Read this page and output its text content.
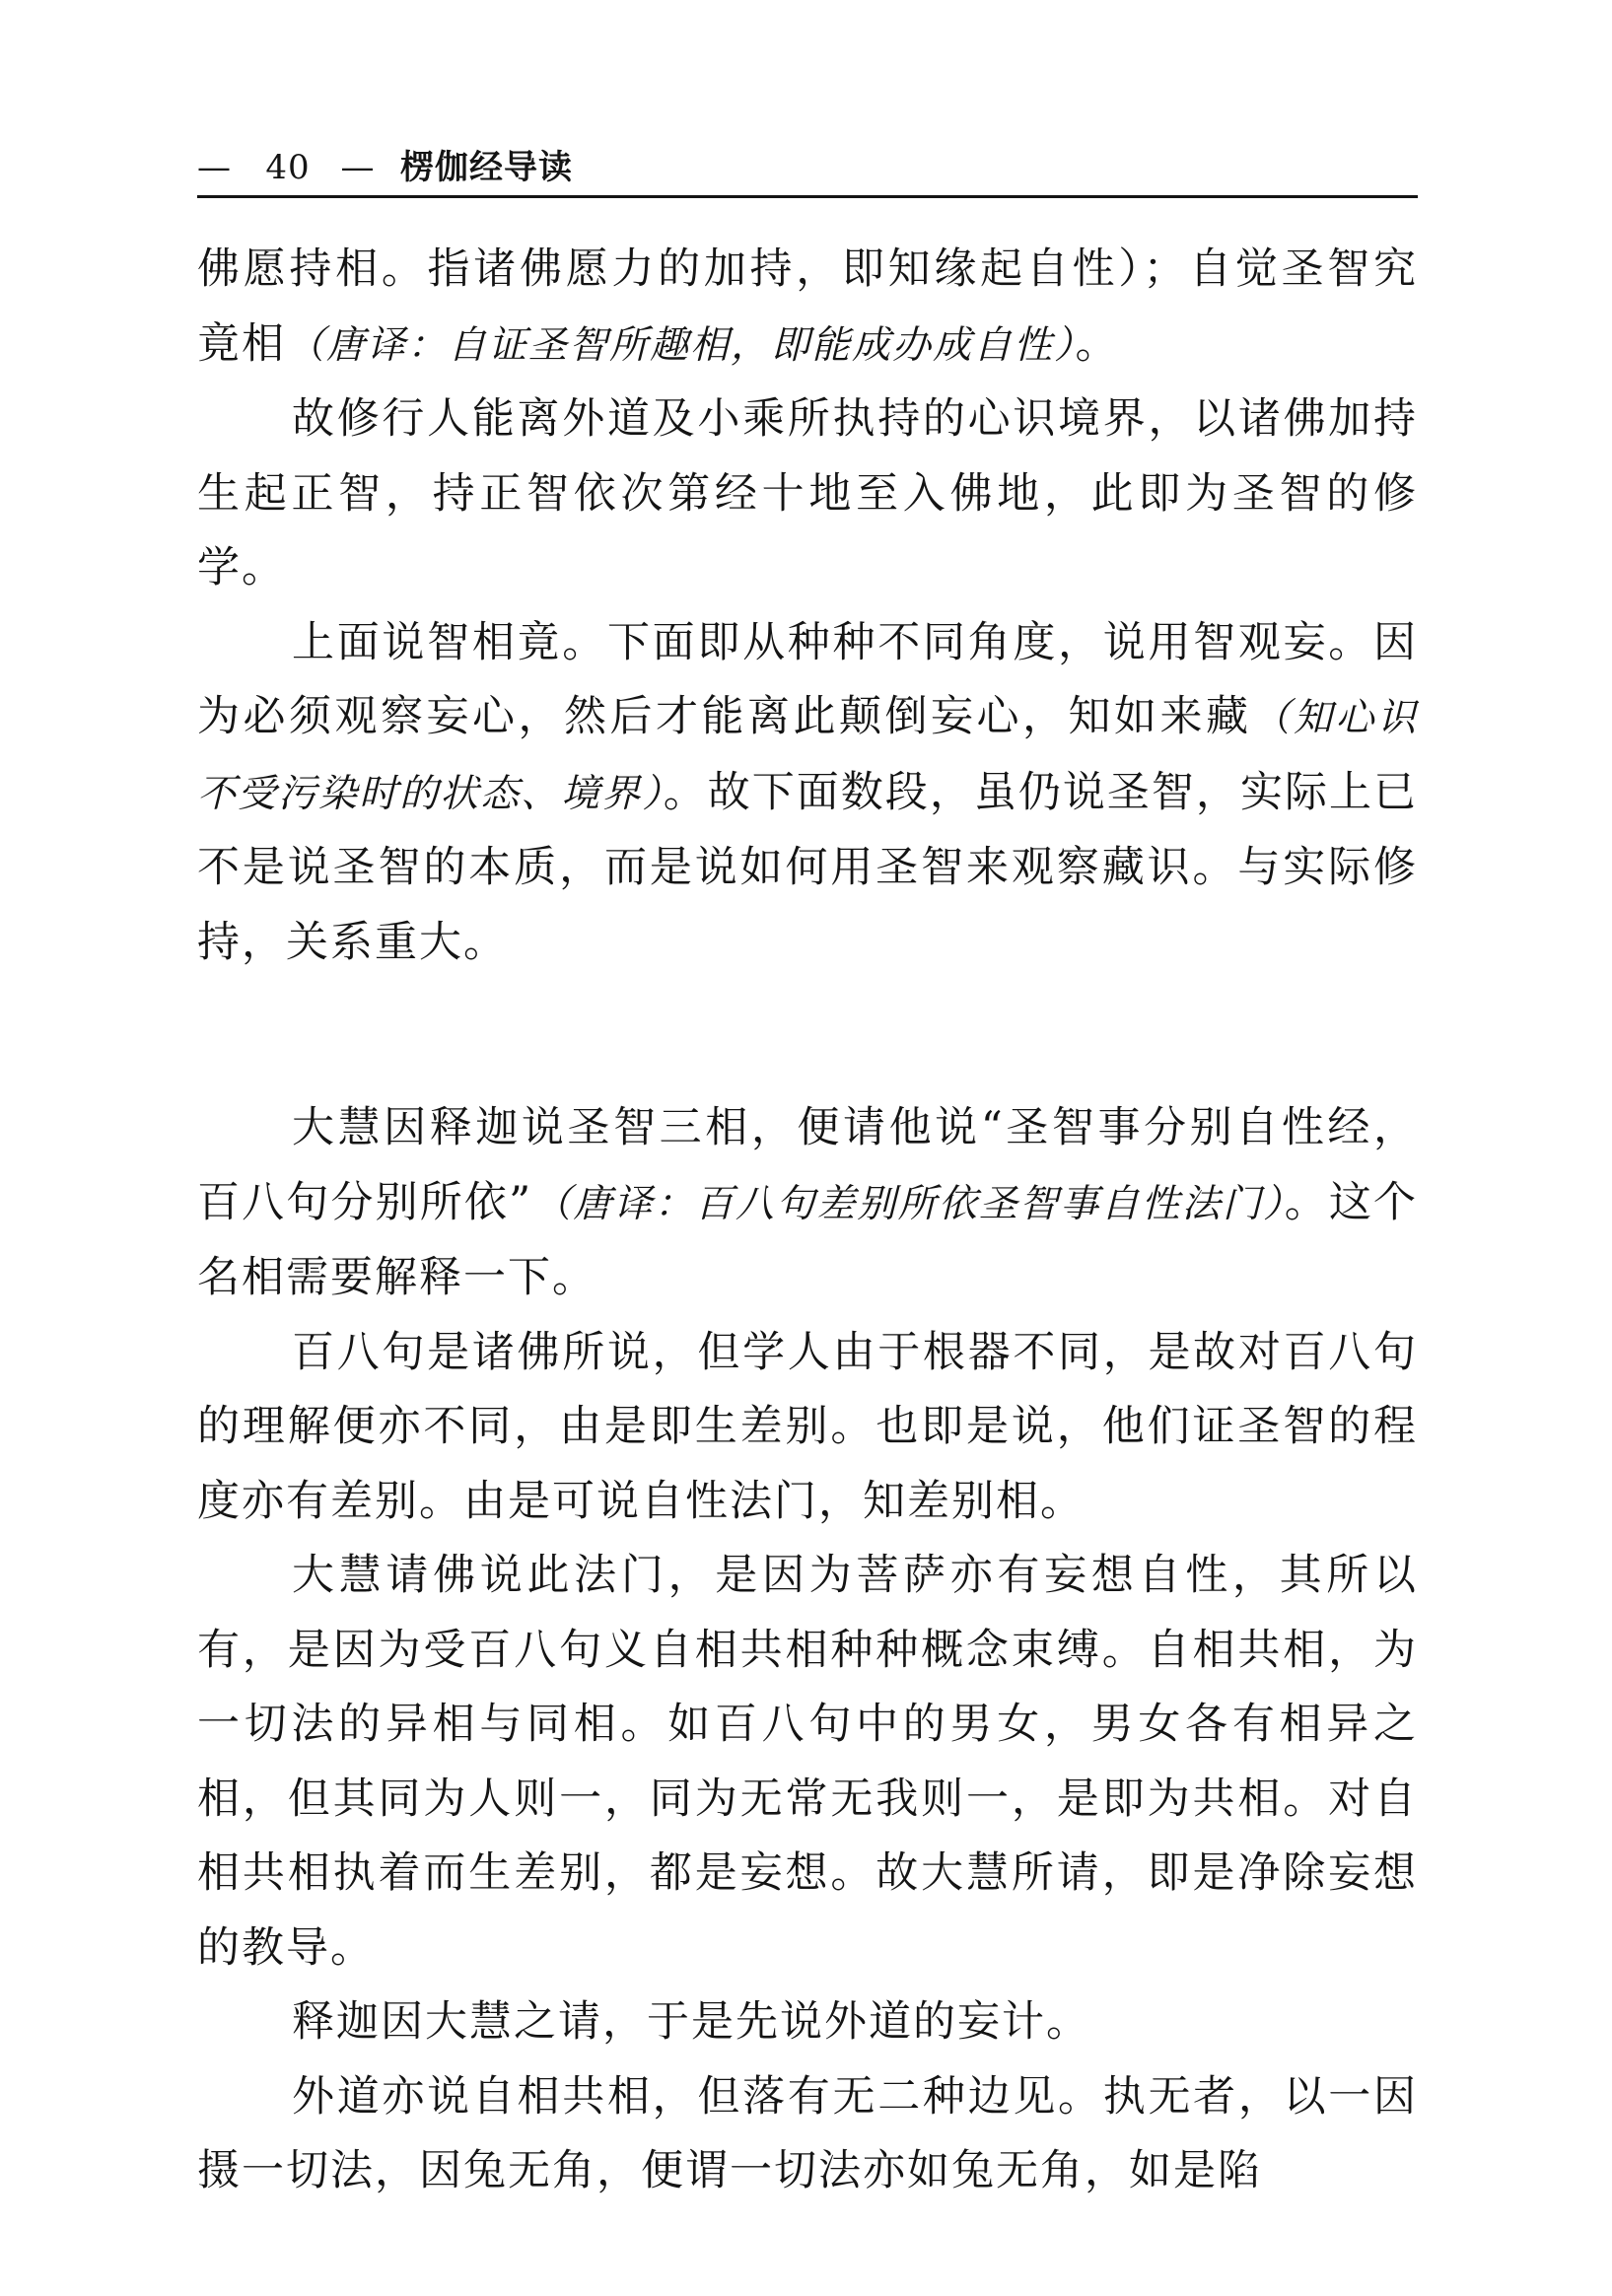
— 40 — 楞伽经导读

佛愿持相。指诸佛愿力的加持，即知缘起自性）；自觉圣智究竟相（唐译：自证圣智所趣相，即能成办成自性）。

故修行人能离外道及小乘所执持的心识境界，以诸佛加持生起正智，持正智依次第经十地至入佛地，此即为圣智的修学。

上面说智相竟。下面即从种种不同角度，说用智观妄。因为必须观察妄心，然后才能离此颠倒妄心，知如来藏（知心识不受污染时的状态、境界）。故下面数段，虽仍说圣智，实际上已不是说圣智的本质，而是说如何用圣智来观察藏识。与实际修持，关系重大。

大慧因释迦说圣智三相，便请他说“圣智事分别自性经，百八句分别所依”（唐译：百八句差别所依圣智事自性法门）。这个名相需要解释一下。

百八句是诸佛所说，但学人由于根器不同，是故对百八句的理解便亦不同，由是即生差别。也即是说，他们证圣智的程度亦有差别。由是可说自性法门，知差别相。

大慧请佛说此法门，是因为菩萨亦有妄想自性，其所以有，是因为受百八句义自相共相种种概念束缚。自相共相，为一切法的异相与同相。如百八句中的男女，男女各有相异之相，但其同为人则一，同为无常无我则一，是即为共相。对自相共相执着而生差别，都是妄想。故大慧所请，即是净除妄想的教导。

释迦因大慧之请，于是先说外道的妄计。

外道亦说自相共相，但落有无二种边见。执无者，以一因摄一切法，因兔无角，便谓一切法亦如兔无角，如是陷
